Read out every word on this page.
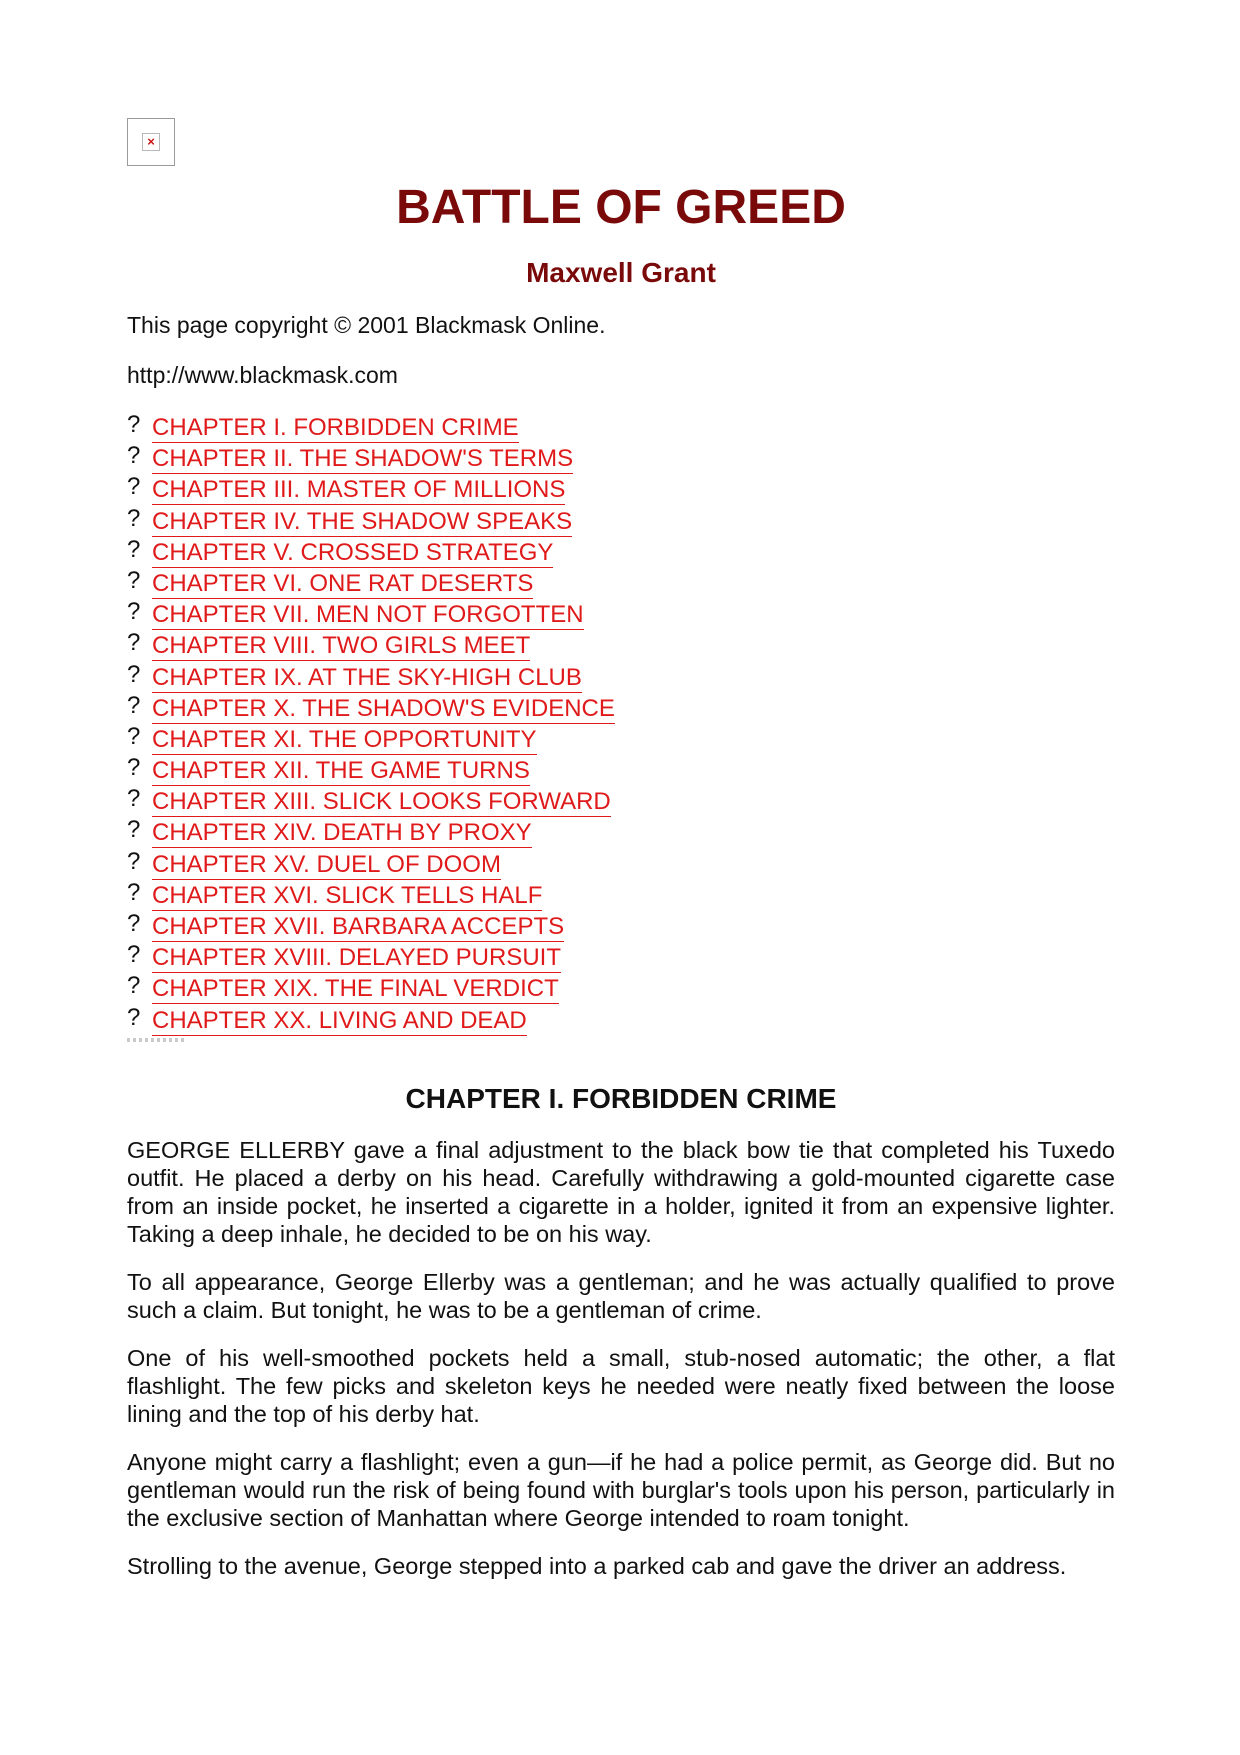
×
BATTLE OF GREED
Maxwell Grant

This page copyright © 2001 Blackmask Online.

http://www.blackmask.com

? CHAPTER I. FORBIDDEN CRIME
? CHAPTER II. THE SHADOW'S TERMS
? CHAPTER III. MASTER OF MILLIONS
? CHAPTER IV. THE SHADOW SPEAKS
? CHAPTER V. CROSSED STRATEGY
? CHAPTER VI. ONE RAT DESERTS
? CHAPTER VII. MEN NOT FORGOTTEN
? CHAPTER VIII. TWO GIRLS MEET
? CHAPTER IX. AT THE SKY-HIGH CLUB
? CHAPTER X. THE SHADOW'S EVIDENCE
? CHAPTER XI. THE OPPORTUNITY
? CHAPTER XII. THE GAME TURNS
? CHAPTER XIII. SLICK LOOKS FORWARD
? CHAPTER XIV. DEATH BY PROXY
? CHAPTER XV. DUEL OF DOOM
? CHAPTER XVI. SLICK TELLS HALF
? CHAPTER XVII. BARBARA ACCEPTS
? CHAPTER XVIII. DELAYED PURSUIT
? CHAPTER XIX. THE FINAL VERDICT
? CHAPTER XX. LIVING AND DEAD
CHAPTER I. FORBIDDEN CRIME

GEORGE ELLERBY gave a final adjustment to the black bow tie that completed his Tuxedo outfit. He placed a derby on his head. Carefully withdrawing a gold-mounted cigarette case from an inside pocket, he inserted a cigarette in a holder, ignited it from an expensive lighter. Taking a deep inhale, he decided to be on his way.

To all appearance, George Ellerby was a gentleman; and he was actually qualified to prove such a claim. But tonight, he was to be a gentleman of crime.

One of his well-smoothed pockets held a small, stub-nosed automatic; the other, a flat flashlight. The few picks and skeleton keys he needed were neatly fixed between the loose lining and the top of his derby hat.

Anyone might carry a flashlight; even a gun—if he had a police permit, as George did. But no gentleman would run the risk of being found with burglar's tools upon his person, particularly in the exclusive section of Manhattan where George intended to roam tonight.

Strolling to the avenue, George stepped into a parked cab and gave the driver an address.
